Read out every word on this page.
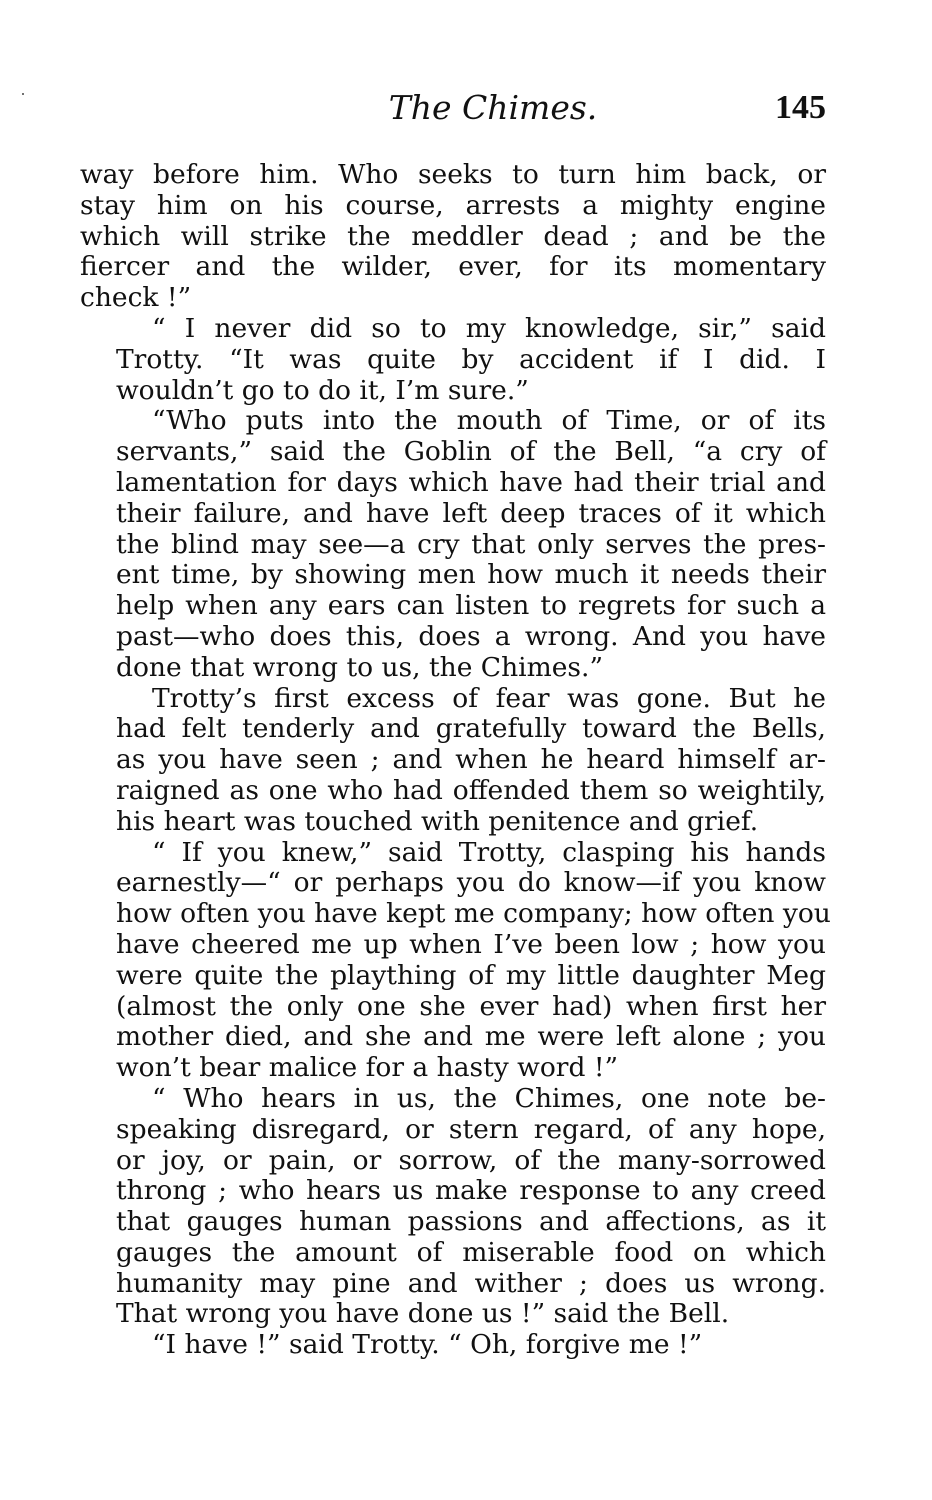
The Chimes.	145

way before him. Who seeks to turn him back, or
stay him on his course, arrests a mighty engine
which will strike the meddler dead ; and be the
fiercer and the wilder, ever, for its momentary
check !”

“ I never did so to my knowledge, sir,” said
Trotty. “It was quite by accident if I did. I
wouldn’t go to do it, I’m sure.”

“Who puts into the mouth of Time, or of its
servants,” said the Goblin of the Bell, “a cry of
lamentation for days which have had their trial and
their failure, and have left deep traces of it which
the blind may see—a cry that only serves the pres-
ent time, by showing men how much it needs their
help when any ears can listen to regrets for such a
past—who does this, does a wrong. And you have
done that wrong to us, the Chimes.”

Trotty’s first excess of fear was gone. But he
had felt tenderly and gratefully toward the Bells,
as you have seen ; and when he heard himself ar-
raigned as one who had offended them so weightily,
his heart was touched with penitence and grief.

“ If you knew,” said Trotty, clasping his hands
earnestly—“ or perhaps you do know—if you know
how often you have kept me company; how often you
have cheered me up when I’ve been low ; how you
were quite the plaything of my little daughter Meg
(almost the only one she ever had) when first her
mother died, and she and me were left alone ; you
won’t bear malice for a hasty word !”

“ Who hears in us, the Chimes, one note be-
speaking disregard, or stern regard, of any hope,
or joy, or pain, or sorrow, of the many-sorrowed
throng ; who hears us make response to any creed
that gauges human passions and affections, as it
gauges the amount of miserable food on which
humanity may pine and wither ; does us wrong.
That wrong you have done us !” said the Bell.

“I have !” said Trotty. “ Oh, forgive me !”
